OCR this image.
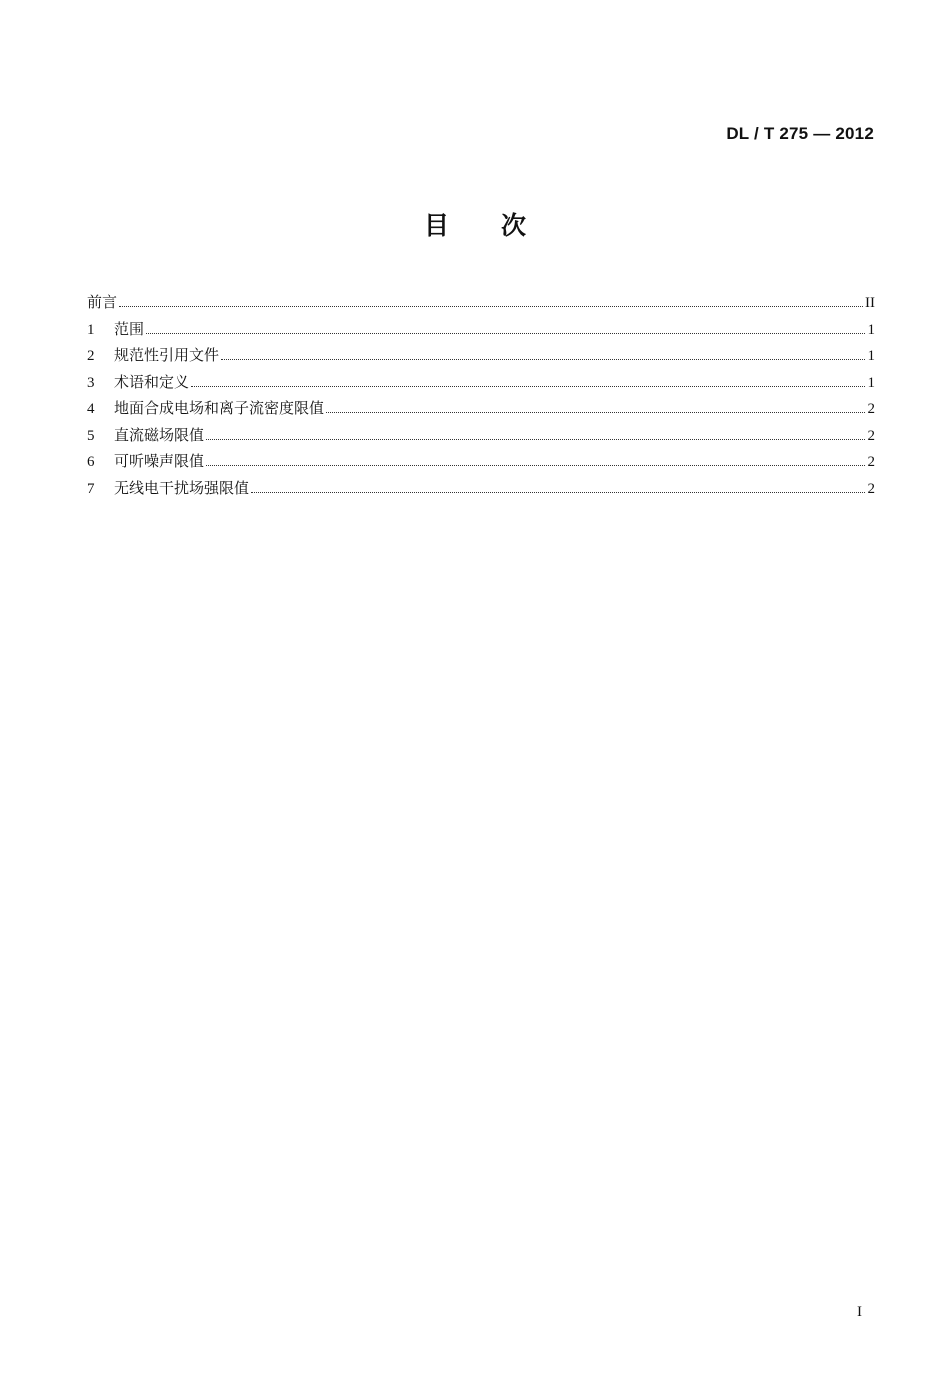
DL / T 275 — 2012
目次
前言	II
1	范围	1
2	规范性引用文件	1
3	术语和定义	1
4	地面合成电场和离子流密度限值	2
5	直流磁场限值	2
6	可听噪声限值	2
7	无线电干扰场强限值	2
I
